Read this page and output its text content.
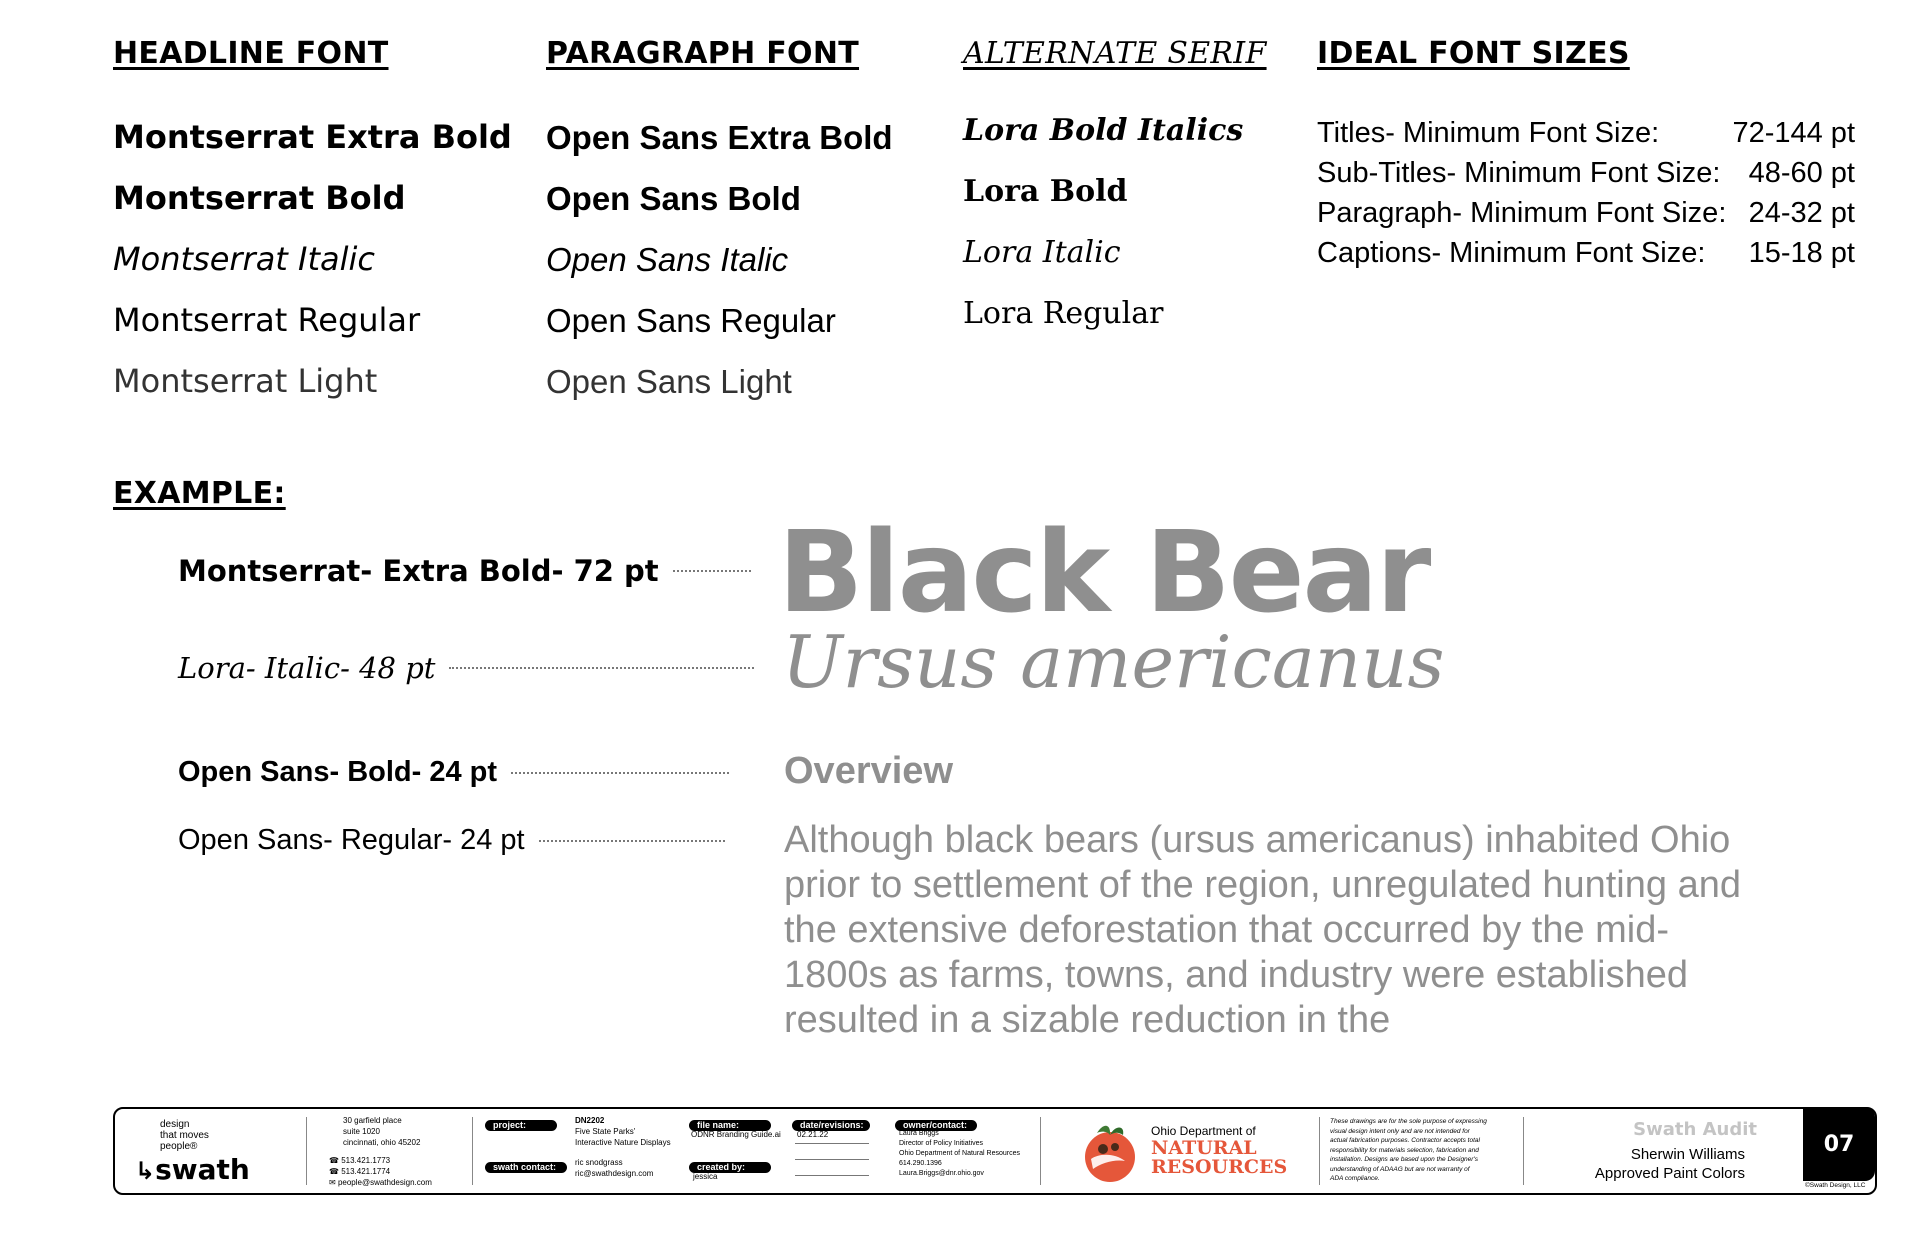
HEADLINE FONT	PARAGRAPH FONT	ALTERNATE SERIF IDEAL FONT SIZES
Montserrat Extra Bold
Montserrat Bold
Montserrat Italic
Montserrat Regular
Montserrat Light
Open Sans Extra Bold
Open Sans Bold
Open Sans Italic
Open Sans Regular
Open Sans Light
Lora Bold Italics
Lora Bold
Lora Italic
Lora Regular
Titles- Minimum Font Size:	72-144 pt
Sub-Titles- Minimum Font Size: 48-60 pt
Paragraph- Minimum Font Size: 24-32 pt
Captions- Minimum Font Size: 15-18 pt
EXAMPLE:
Montserrat- Extra Bold- 72 pt
Lora- Italic- 48 pt
Open Sans- Bold- 24 pt
Open Sans- Regular- 24 pt
Black Bear
Ursus americanus
Overview
Although black bears (ursus americanus) inhabited Ohio prior to settlement of the region, unregulated hunting and the extensive deforestation that occurred by the mid-1800s as farms, towns, and industry were established resulted in a sizable reduction in the
design
that moves
people®
↳swath
30 garfield place
suite 1020
cincinnati, ohio 45202
☎ 513.421.1773
☎ 513.421.1774
✉ people@swathdesign.com
project:	DN2202
Five State Parks'
Interactive Nature Displays
swath contact:	ric snodgrass
ric@swathdesign.com
file name:
ODNR Branding Guide.ai
created by:
jessica
date/revisions:
02.21.22
owner/contact:
Laura Briggs
Director of Policy Initiatives
Ohio Department of Natural Resources
614.290.1396
Laura.Briggs@dnr.ohio.gov
Ohio Department of
NATURAL
RESOURCES
These drawings are for the sole purpose of expressing
visual design intent only and are not intended for
actual fabrication purposes. Contractor accepts total
responsibility for materials selection, fabrication and
installation. Designs are based upon the Designer's
understanding of ADAAG but are not warranty of
ADA compliance.
Swath Audit
Sherwin Williams
Approved Paint Colors
07
©Swath Design, LLC
